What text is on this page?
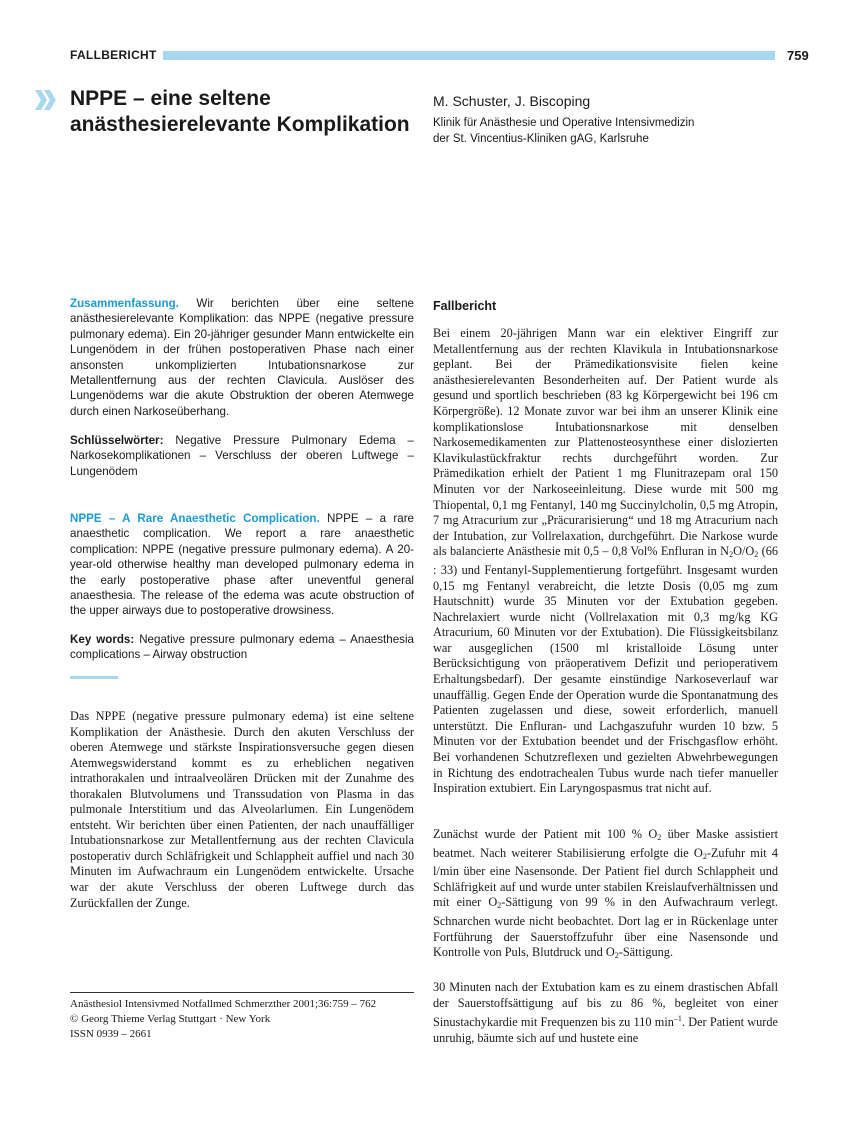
FALLBERICHT	759
NPPE – eine seltene anästhesierelevante Komplikation
M. Schuster, J. Biscoping
Klinik für Anästhesie und Operative Intensivmedizin
der St. Vincentius-Kliniken gAG, Karlsruhe
Zusammenfassung. Wir berichten über eine seltene anästhesierelevante Komplikation: das NPPE (negative pressure pulmonary edema). Ein 20-jähriger gesunder Mann entwickelte ein Lungenödem in der frühen postoperativen Phase nach einer ansonsten unkomplizierten Intubationsnarkose zur Metallentfernung aus der rechten Clavicula. Auslöser des Lungenödems war die akute Obstruktion der oberen Atemwege durch einen Narkoseüberhang.
Schlüsselwörter: Negative Pressure Pulmonary Edema – Narkosekomplikationen – Verschluss der oberen Luftwege – Lungenödem
NPPE – A Rare Anaesthetic Complication. NPPE – a rare anaesthetic complication. We report a rare anaesthetic complication: NPPE (negative pressure pulmonary edema). A 20-year-old otherwise healthy man developed pulmonary edema in the early postoperative phase after uneventful general anaesthesia. The release of the edema was acute obstruction of the upper airways due to postoperative drowsiness.
Key words: Negative pressure pulmonary edema – Anaesthesia complications – Airway obstruction
Das NPPE (negative pressure pulmonary edema) ist eine seltene Komplikation der Anästhesie. Durch den akuten Verschluss der oberen Atemwege und stärkste Inspirationsversuche gegen diesen Atemwegswiderstand kommt es zu erheblichen negativen intrathorakalen und intraalveolären Drücken mit der Zunahme des thorakalen Blutvolumens und Transsudation von Plasma in das pulmonale Interstitium und das Alveolarlumen. Ein Lungenödem entsteht. Wir berichten über einen Patienten, der nach unauffälliger Intubationsnarkose zur Metallentfernung aus der rechten Clavicula postoperativ durch Schläfrigkeit und Schlappheit auffiel und nach 30 Minuten im Aufwachraum ein Lungenödem entwickelte. Ursache war der akute Verschluss der oberen Luftwege durch das Zurückfallen der Zunge.
Anästhesiol Intensivmed Notfallmed Schmerzther 2001;36:759 – 762
© Georg Thieme Verlag Stuttgart · New York
ISSN 0939 – 2661
Fallbericht
Bei einem 20-jährigen Mann war ein elektiver Eingriff zur Metallentfernung aus der rechten Klavikula in Intubationsnarkose geplant. Bei der Prämedikationsvisite fielen keine anästhesierelevanten Besonderheiten auf. Der Patient wurde als gesund und sportlich beschrieben (83 kg Körpergewicht bei 196 cm Körpergröße). 12 Monate zuvor war bei ihm an unserer Klinik eine komplikationslose Intubationsnarkose mit denselben Narkosemedikamenten zur Plattenosteosynthese einer dislozierten Klavikulastückfraktur rechts durchgeführt worden. Zur Prämedikation erhielt der Patient 1 mg Flunitrazepam oral 150 Minuten vor der Narkoseeinleitung. Diese wurde mit 500 mg Thiopental, 0,1 mg Fentanyl, 140 mg Succinylcholin, 0,5 mg Atropin, 7 mg Atracurium zur „Präcurarisierung“ und 18 mg Atracurium nach der Intubation, zur Vollrelaxation, durchgeführt. Die Narkose wurde als balancierte Anästhesie mit 0,5 – 0,8 Vol% Enfluran in $N_2O/O_2$ (66 : 33) und Fentanyl-Supplementierung fortgeführt. Insgesamt wurden 0,15 mg Fentanyl verabreicht, die letzte Dosis (0,05 mg zum Hautschnitt) wurde 35 Minuten vor der Extubation gegeben. Nachrelaxiert wurde nicht (Vollrelaxation mit 0,3 mg/kg KG Atracurium, 60 Minuten vor der Extubation). Die Flüssigkeitsbilanz war ausgeglichen (1500 ml kristalloide Lösung unter Berücksichtigung von präoperativem Defizit und perioperativem Erhaltungsbedarf). Der gesamte einstündige Narkoseverlauf war unauffällig. Gegen Ende der Operation wurde die Spontanatmung des Patienten zugelassen und diese, soweit erforderlich, manuell unterstützt. Die Enfluran- und Lachgaszufuhr wurden 10 bzw. 5 Minuten vor der Extubation beendet und der Frischgasflow erhöht. Bei vorhandenen Schutzreflexen und gezielten Abwehrbewegungen in Richtung des endotrachealen Tubus wurde nach tiefer manueller Inspiration extubiert. Ein Laryngospasmus trat nicht auf.
Zunächst wurde der Patient mit 100 % $O_2$ über Maske assistiert beatmet. Nach weiterer Stabilisierung erfolgte die $O_2$-Zufuhr mit 4 l/min über eine Nasensonde. Der Patient fiel durch Schlappheit und Schläfrigkeit auf und wurde unter stabilen Kreislaufverhältnissen und mit einer $O_2$-Sättigung von 99 % in den Aufwachraum verlegt. Schnarchen wurde nicht beobachtet. Dort lag er in Rückenlage unter Fortführung der Sauerstoffzufuhr über eine Nasensonde und Kontrolle von Puls, Blutdruck und $O_2$-Sättigung.
30 Minuten nach der Extubation kam es zu einem drastischen Abfall der Sauerstoffsättigung auf bis zu 86 %, begleitet von einer Sinustachykardie mit Frequenzen bis zu 110 $\min^{-1}$. Der Patient wurde unruhig, bäumte sich auf und hustete eine
